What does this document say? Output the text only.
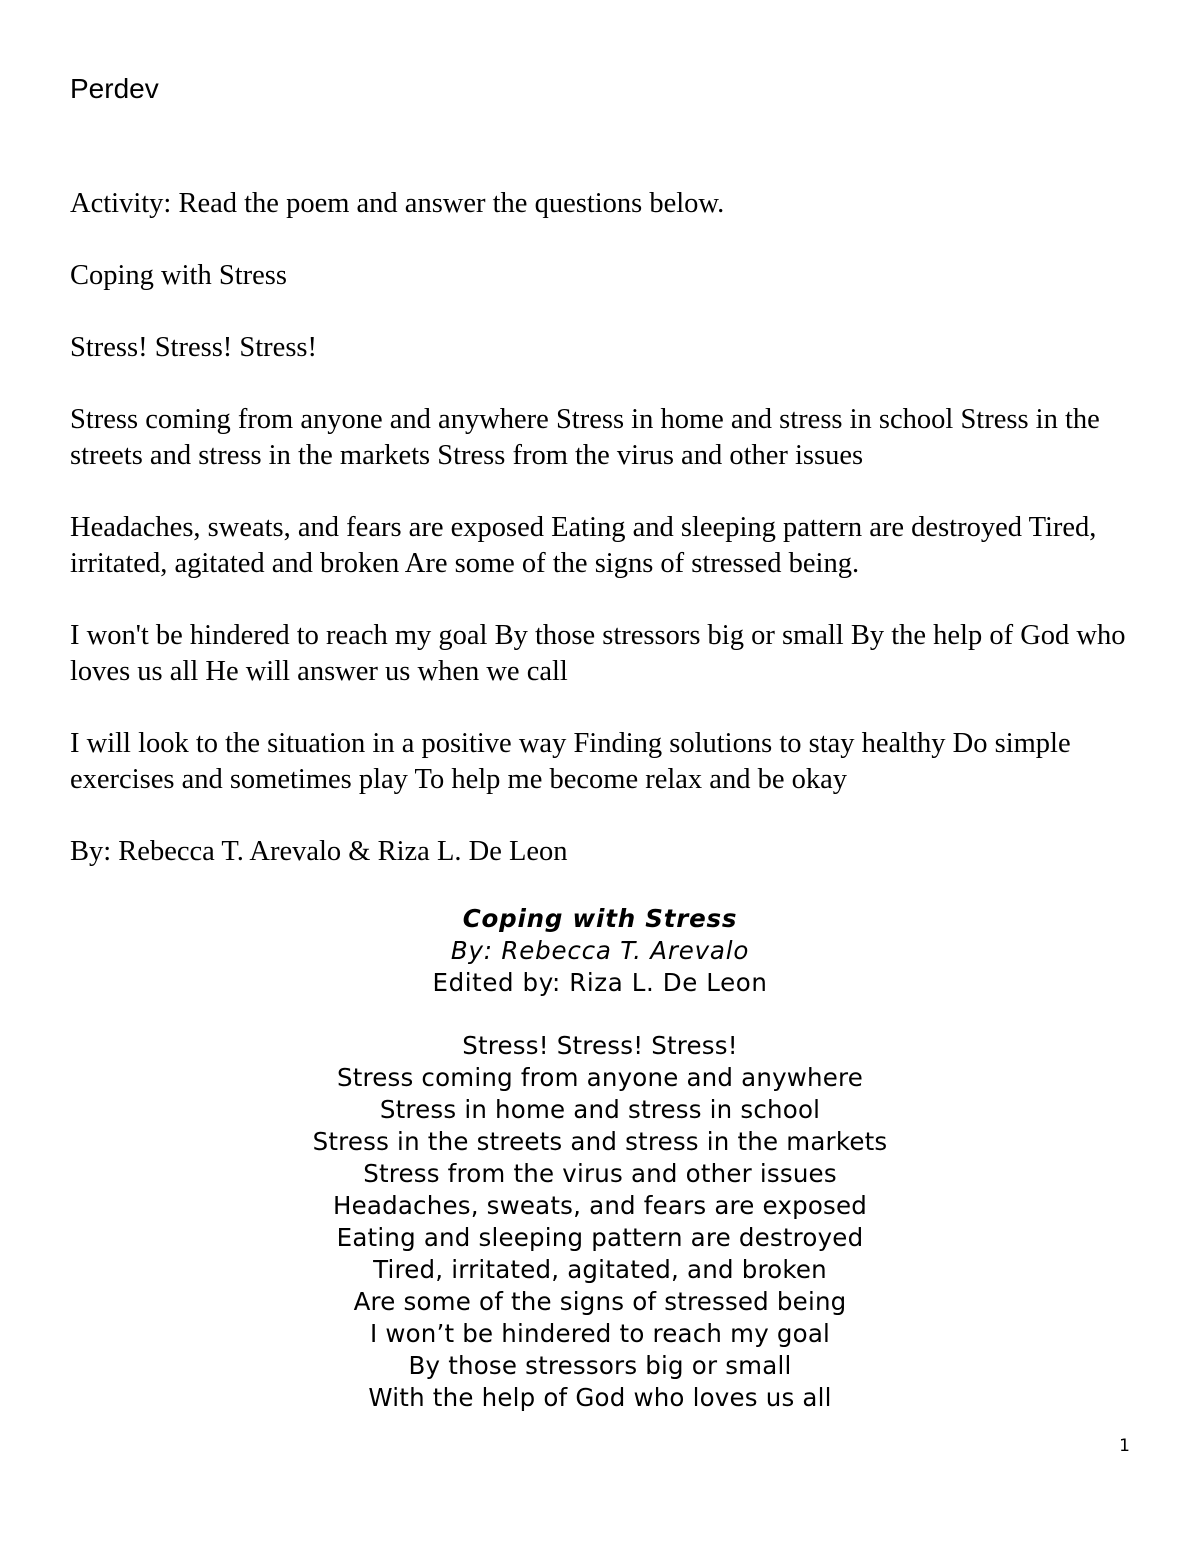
Perdev

Activity: Read the poem and answer the questions below.

Coping with Stress

Stress! Stress! Stress!

Stress coming from anyone and anywhere Stress in home and stress in school Stress in the streets and stress in the markets Stress from the virus and other issues

Headaches, sweats, and fears are exposed Eating and sleeping pattern are destroyed Tired, irritated, agitated and broken Are some of the signs of stressed being.

I won't be hindered to reach my goal By those stressors big or small By the help of God who loves us all He will answer us when we call

I will look to the situation in a positive way Finding solutions to stay healthy Do simple exercises and sometimes play To help me become relax and be okay

By: Rebecca T. Arevalo & Riza L. De Leon

Coping with Stress
By: Rebecca T. Arevalo
Edited by: Riza L. De Leon
Stress! Stress! Stress!
Stress coming from anyone and anywhere
Stress in home and stress in school
Stress in the streets and stress in the markets
Stress from the virus and other issues
Headaches, sweats, and fears are exposed
Eating and sleeping pattern are destroyed
Tired, irritated, agitated, and broken
Are some of the signs of stressed being
I won’t be hindered to reach my goal
By those stressors big or small
With the help of God who loves us all
1
